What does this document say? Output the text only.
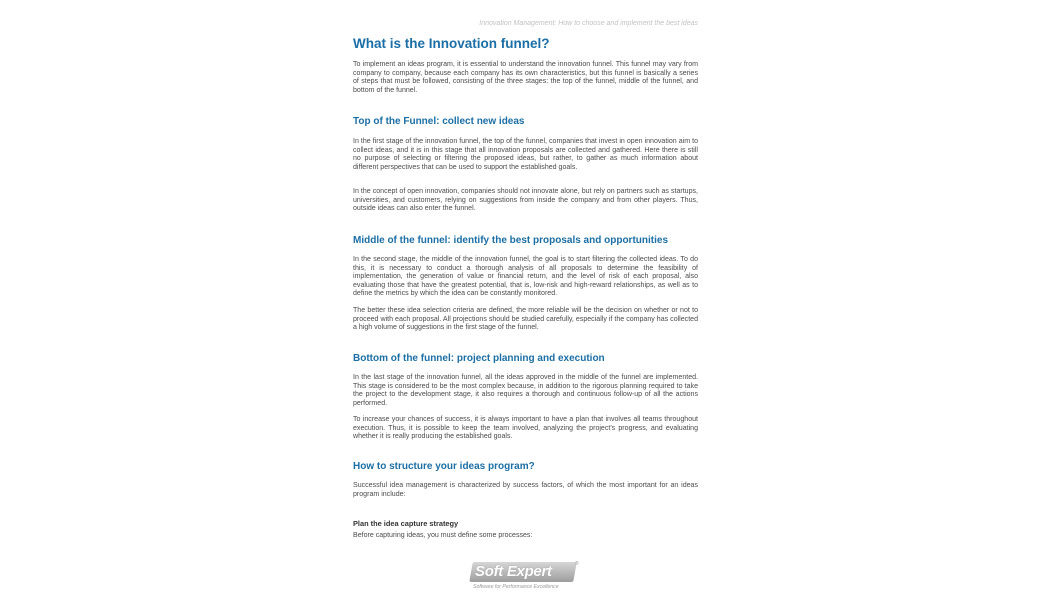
Innovation Management: How to choose and implement the best ideas
What is the Innovation funnel?

To implement an ideas program, it is essential to understand the innovation funnel. This funnel may vary from company to company, because each company has its own characteristics, but this funnel is basically a series of steps that must be followed, consisting of the three stages: the top of the funnel, middle of the funnel, and bottom of the funnel.

Top of the Funnel: collect new ideas

In the first stage of the innovation funnel, the top of the funnel, companies that invest in open innovation aim to collect ideas, and it is in this stage that all innovation proposals are collected and gathered. Here there is still no purpose of selecting or filtering the proposed ideas, but rather, to gather as much information about different perspectives that can be used to support the established goals.

In the concept of open innovation, companies should not innovate alone, but rely on partners such as startups, universities, and customers, relying on suggestions from inside the company and from other players. Thus, outside ideas can also enter the funnel.

Middle of the funnel: identify the best proposals and opportunities

In the second stage, the middle of the innovation funnel, the goal is to start filtering the collected ideas. To do this, it is necessary to conduct a thorough analysis of all proposals to determine the feasibility of implementation, the generation of value or financial return, and the level of risk of each proposal, also evaluating those that have the greatest potential, that is, low-risk and high-reward relationships, as well as to define the metrics by which the idea can be constantly monitored.

The better these idea selection criteria are defined, the more reliable will be the decision on whether or not to proceed with each proposal. All projections should be studied carefully, especially if the company has collected a high volume of suggestions in the first stage of the funnel.

Bottom of the funnel: project planning and execution

In the last stage of the innovation funnel, all the ideas approved in the middle of the funnel are implemented. This stage is considered to be the most complex because, in addition to the rigorous planning required to take the project to the development stage, it also requires a thorough and continuous follow-up of all the actions performed.

To increase your chances of success, it is always important to have a plan that involves all teams throughout execution. Thus, it is possible to keep the team involved, analyzing the project's progress, and evaluating whether it is really producing the established goals.

How to structure your ideas program?

Successful idea management is characterized by success factors, of which the most important for an ideas program include:

Plan the idea capture strategy

Before capturing ideas, you must define some processes:

Soft Expert	®
Software for Performance Excellence
